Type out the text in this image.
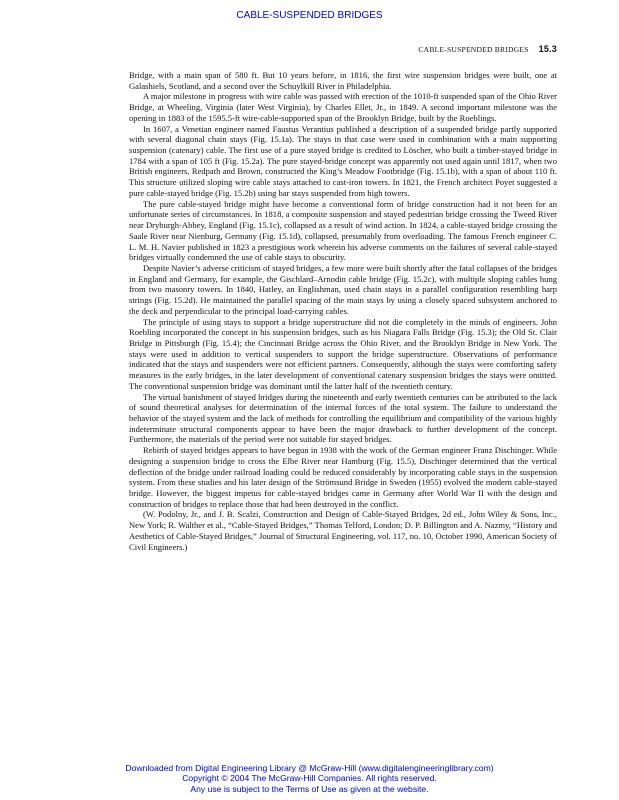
CABLE-SUSPENDED BRIDGES
CABLE-SUSPENDED BRIDGES 15.3

Bridge, with a main span of 580 ft. But 10 years before, in 1816, the first wire suspension bridges were built, one at Galashiels, Scotland, and a second over the Schuylkill River in Philadelphia.

A major milestone in progress with wire cable was passed with erection of the 1010-ft suspended span of the Ohio River Bridge, at Wheeling, Virginia (later West Virginia), by Charles Ellet, Jr., in 1849. A second important milestone was the opening in 1883 of the 1595.5-ft wire-cable-supported span of the Brooklyn Bridge, built by the Roeblings.

In 1607, a Venetian engineer named Faustus Verantius published a description of a suspended bridge partly supported with several diagonal chain stays (Fig. 15.1a). The stays in that case were used in combination with a main supporting suspension (catenary) cable. The first use of a pure stayed bridge is credited to Löscher, who built a timber-stayed bridge in 1784 with a span of 105 ft (Fig. 15.2a). The pure stayed-bridge concept was apparently not used again until 1817, when two British engineers, Redpath and Brown, constructed the King’s Meadow Footbridge (Fig. 15.1b), with a span of about 110 ft. This structure utilized sloping wire cable stays attached to cast-iron towers. In 1821, the French architect Poyet suggested a pure cable-stayed bridge (Fig. 15.2b) using bar stays suspended from high towers.

The pure cable-stayed bridge might have become a conventional form of bridge construction had it not been for an unfortunate series of circumstances. In 1818, a composite suspension and stayed pedestrian bridge crossing the Tweed River near Dryburgh-Abbey, England (Fig. 15.1c), collapsed as a result of wind action. In 1824, a cable-stayed bridge crossing the Saale River near Nienburg, Germany (Fig. 15.1d), collapsed, presumably from overloading. The famous French engineer C. L. M. H. Navier published in 1823 a prestigious work wherein his adverse comments on the failures of several cable-stayed bridges virtually condemned the use of cable stays to obscurity.

Despite Navier’s adverse criticism of stayed bridges, a few more were built shortly after the fatal collapses of the bridges in England and Germany, for example, the Gischlard–Arnodin cable bridge (Fig. 15.2c), with multiple sloping cables hung from two masonry towers. In 1840, Hatley, an Englishman, used chain stays in a parallel configuration resembling harp strings (Fig. 15.2d). He maintained the parallel spacing of the main stays by using a closely spaced subsystem anchored to the deck and perpendicular to the principal load-carrying cables.

The principle of using stays to support a bridge superstructure did not die completely in the minds of engineers. John Roebling incorporated the concept in his suspension bridges, such as his Niagara Falls Bridge (Fig. 15.3); the Old St. Clair Bridge in Pittsburgh (Fig. 15.4); the Cincinnati Bridge across the Ohio River, and the Brooklyn Bridge in New York. The stays were used in addition to vertical suspenders to support the bridge superstructure. Observations of performance indicated that the stays and suspenders were not efficient partners. Consequently, although the stays were comforting safety measures in the early bridges, in the later development of conventional catenary suspension bridges the stays were omitted. The conventional suspension bridge was dominant until the latter half of the twentieth century.

The virtual banishment of stayed bridges during the nineteenth and early twentieth centuries can be attributed to the lack of sound theoretical analyses for determination of the internal forces of the total system. The failure to understand the behavior of the stayed system and the lack of methods for controlling the equilibrium and compatibility of the various highly indeterminate structural components appear to have been the major drawback to further development of the concept. Furthermore, the materials of the period were not suitable for stayed bridges.

Rebirth of stayed bridges appears to have begun in 1938 with the work of the German engineer Franz Dischinger. While designing a suspension bridge to cross the Elbe River near Hamburg (Fig. 15.5), Dischinger determined that the vertical deflection of the bridge under railroad loading could be reduced considerably by incorporating cable stays in the suspension system. From these studies and his later design of the Strömsund Bridge in Sweden (1955) evolved the modern cable-stayed bridge. However, the biggest impetus for cable-stayed bridges came in Germany after World War II with the design and construction of bridges to replace those that had been destroyed in the conflict.

(W. Podolny, Jr., and J. B. Scalzi, Construction and Design of Cable-Stayed Bridges, 2d ed., John Wiley & Sons, Inc., New York; R. Walther et al., “Cable-Stayed Bridges,” Thomas Telford, London; D. P. Billington and A. Nazmy, “History and Aesthetics of Cable-Stayed Bridges,” Journal of Structural Engineering, vol. 117, no. 10, October 1990, American Society of Civil Engineers.)

Downloaded from Digital Engineering Library @ McGraw-Hill (www.digitalengineeringlibrary.com)
Copyright © 2004 The McGraw-Hill Companies. All rights reserved.
Any use is subject to the Terms of Use as given at the website.
